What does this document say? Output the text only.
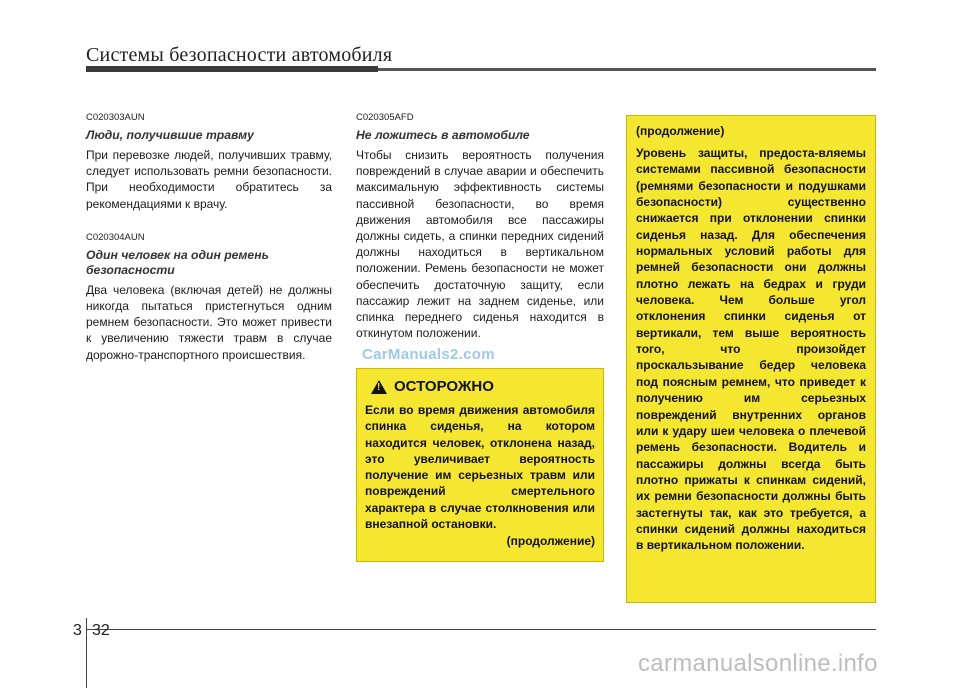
Системы безопасности автомобиля
C020303AUN
Люди, получившие травму
При перевозке людей, получивших травму, следует использовать ремни безопасности. При необходимости обратитесь за рекомендациями к врачу.
C020304AUN
Один человек на один ремень безопасности
Два человека (включая детей) не должны никогда пытаться пристегнуться одним ремнем безопасности. Это может привести к увеличению тяжести травм в случае дорожно-транспортного происшествия.
C020305AFD
Не ложитесь в автомобиле
Чтобы снизить вероятность получения повреждений в случае аварии и обеспечить максимальную эффективность системы пассивной безопасности, во время движения автомобиля все пассажиры должны сидеть, а спинки передних сидений должны находиться в вертикальном положении. Ремень безопасности не может обеспечить достаточную защиту, если пассажир лежит на заднем сиденье, или спинка переднего сиденья находится в откинутом положении.
CarManuals2.com
! ОСТОРОЖНО
Если во время движения автомобиля спинка сиденья, на котором находится человек, отклонена назад, это увеличивает вероятность получение им серьезных травм или повреждений смертельного характера в случае столкновения или внезапной остановки.
(продолжение)
(продолжение)
Уровень защиты, предоста-вляемы системами пассивной безопасности (ремнями безопасности и подушками безопасности) существенно снижается при отклонении спинки сиденья назад. Для обеспечения нормальных условий работы для ремней безопасности они должны плотно лежать на бедрах и груди человека. Чем больше угол отклонения спинки сиденья от вертикали, тем выше вероятность того, что произойдет проскальзывание бедер человека под поясным ремнем, что приведет к получению им серьезных повреждений внутренних органов или к удару шеи человека о плечевой ремень безопасности. Водитель и пассажиры должны всегда быть плотно прижаты к спинкам сидений, их ремни безопасности должны быть застегнуты так, как это требуется, а спинки сидений должны находиться в вертикальном положении.
3 32
carmanualsonline.info
